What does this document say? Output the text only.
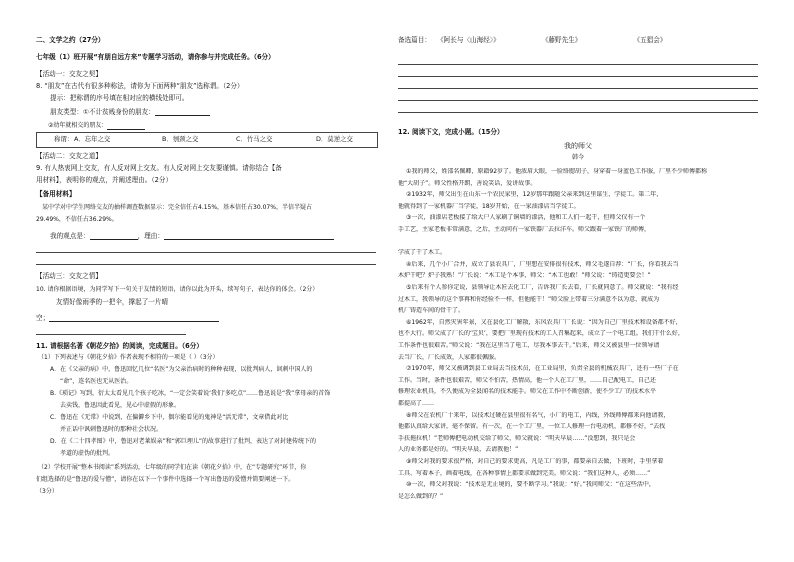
二、文学之约（27分）
七年级（1）班开展“有朋自远方来”专题学习活动，请你参与并完成任务。（6分）
【活动一：交友之契】
8. “朋友”在古代有很多种称法，请你为下面两种“朋友”选称谓。（2分）
提示：把称谓的序号填在相对应的横线处即可。
朋友类型：①不计贫贱身份的朋友：
②幼年就相交的朋友：
称谓： A．忘年之交	B．刎颈之交	C．竹马之交	D．莫逆之交
【活动二：交友之道】
9. 有人热衷网上交友，有人反对网上交友。有人反对网上交友要谨慎。请你结合【备
用材料】，表明你的观点，并阐述理由。（2分）
【备用材料】
某中学对中学生网络交友的抽样调查数据显示：完全信任占4.15%，基本信任占30.07%，半信半疑占
29.49%，不信任占36.29%。
我的观点是：	，理由：
【活动三：交友之情】
10. 请你根据语境，为同学写下一句关于友情的短语，请你以此为开头，续写句子，表达你的体会。（2分）
友情好像雨季的一把伞，撑起了一片晴
空；
11. 请根据名著《朝花夕拾》的阅读，完成题目。（6分）
（1）下列表述与《朝花夕拾》作者表现不相符的一项是（ ）（3分）
A．在《父亲的病》中，鲁迅回忆几位“名医”为父亲治病时的种种表现，以批判病人，讽刺中国人的
“命”，连名医也无从医治。
B.《琐记》写到，衍太太看见几个孩子吃冰，“一定会笑着说‘我们’多吃点”……鲁迅说是“我”拿母亲的首饰
去卖钱，鲁迅因此看见，见心中虚假的形象。
C．鲁迅在《无常》中说到，在偏僻乡下中，偶尔能看见的鬼神是“活无常”，文章借此对比
并正话中讽刺鲁迅时的那种社会状况。
D．在《二十四孝图》中，鲁迅对老莱娱亲”和“郭巨埋儿”的故事进行了批判，表达了对封建传统下的
孝道的虚伪的批判。
（2）学校开展“整本书阅读”系列活动，七年级的同学们在读《朝花夕拾》中，在“专题研究”环节，你
们组选择的是“鲁迅的爱与憎”，请你在以下一个事件中选择一个写出鲁迅的爱憎并简要阐述一下。
（3分）
备选篇目： 《阿长与〈山海经〉》	《藤野先生》	《五猖会》
12. 阅读下文，完成小题。（15分）
我的师父
韩今
①我的师父，姓邵名佩卿，原籍92岁了。他浓眉大眼，一脸络腮胡子，身穿着一身蓝色工作服，厂里不少师傅都称
他“大胡子”。师父性格开朗，善说笑话，爱讲故事。
②1932年，师父出生在山东一个农民家里，12岁那年跟随父亲来到这里谋生，学徒工。第二年，
他就得到了一家机器厂当学徒，18岁开始，在一家油漆店当学徒工。
③一次，油漆店老板接了给大户人家刷了铜墙的漆活，他和工人们一起干，但师父仅有一个
手工艺，主家老板非常满意，之后，主动问有一家铁器厂去拉洋车。师父跟着一家铁厂的师傅，
学成了干了木工。
④后来，几个小厂合并，成立了县农具厂，厂里想在安排很有技术，师父毛遂自荐：“厂长，你看我去当
木炉干吧？炉子我熟！”厂长说：“木工是个本事，师父：“木工也敢！”师父说：“铸造更要会！”
⑤后来有个人参你定说，县领导让木匠去化工厂，告诉我厂长去看，厂长就同意了。师父就说：“我有经
过木工，我领导的这个事再和你经验不一样，但他能干！”师父脸上带着三分满意不以为意，就成为
机厂铸造车间的骨干了。
⑥1962年，自然灾害年景，又在县化工厂解散，东风农具厂厂长说：“因为自己厂里技术和设备都不好，
也不大行。师父成了厂长的‘宝贝’，要把厂里现有技术的工人召集起来，成立了一个电工组。我们干什么好，
工作条件也很艰苦。”师父说：“我在这里当了电工，尽我本事去干。”后来，师父又被县里一位领导请
去当厂长，厂长成效，人家都很佩服。
⑦1970年，师父又被调到县工业局去当技术员，在工业局里，负责全县的机械农具厂，还有一些厂子在
工作。当时，条件也很艰苦，师父不怕苦，热情高，他一个人在工厂里，……自己配电工，自己还
修理农业机具，不久便成为全县闻名的技术能手。师父在工作中不断创新，使不少工厂的技术水平
都提高了……
⑧师父在农机厂十来年，以技术过硬在县里很有名气，小厂的电工，内线，外线师傅都来向他请教，
他都认真给大家讲，毫不保留。有一次，在一个工厂里，一位工人修理一台电动机，都修不好，“去找
手扶拖拉机！”老师傅把电动机交给了师父，师父就说：“明天早晨……”没想到，我只是会
人的业务都是好的。“明天早晨，去请教他！”
⑨师父对我的要求很严格，对自己的要求更高，凡是工厂的事，都要亲自去做，下班时，手里拿着
工具、写着本子，画着电线，在各种事情上都要求做到完美。师父说：“我们这种人，必须……”
⑩一次，师父对我说：“技术是无止境的，要不断学习。”我说：“好。”我问师父：“在这些活中，
是怎么做到的？”
